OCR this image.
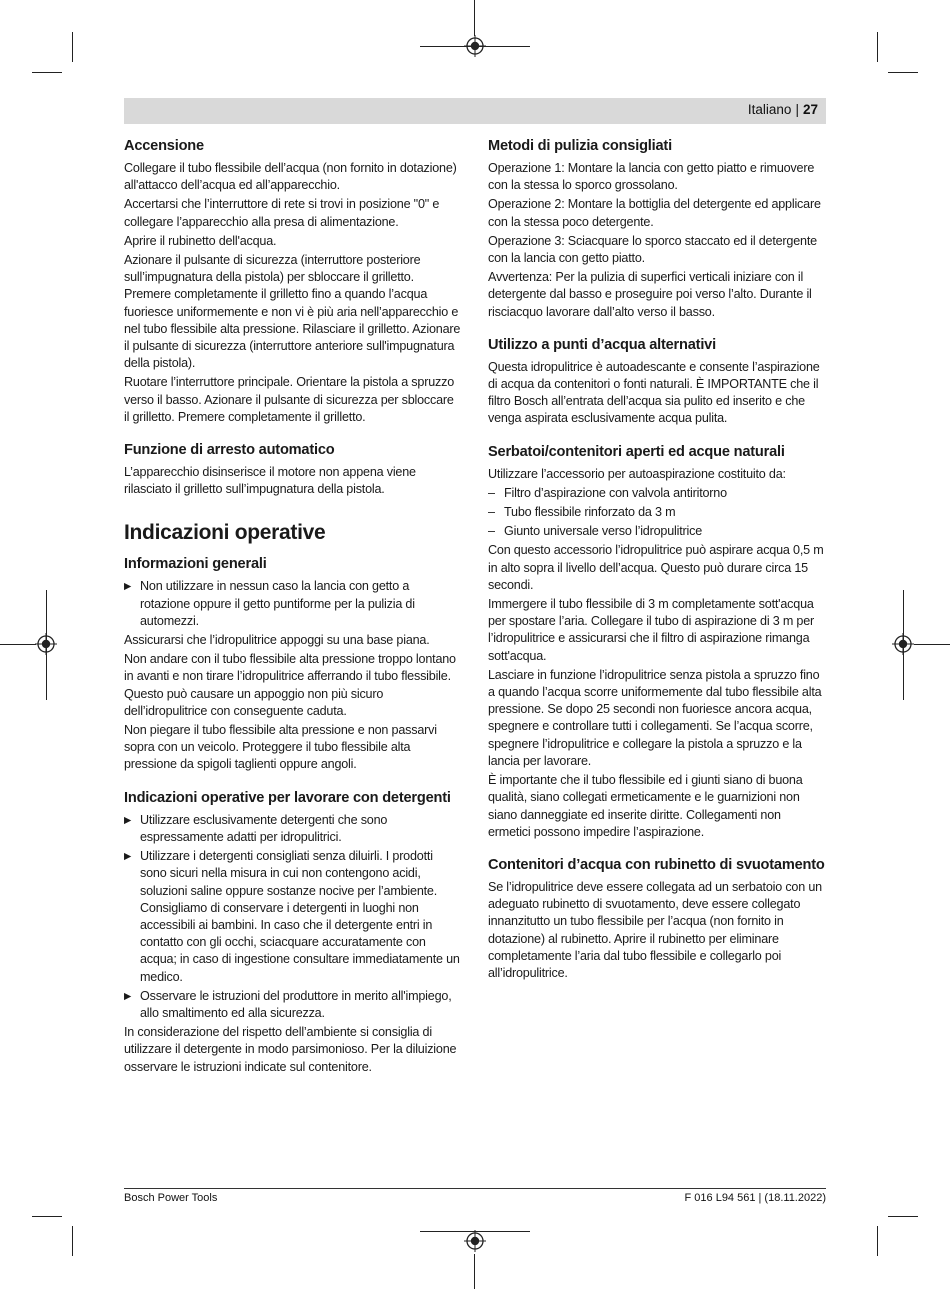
Italiano | 27
Accensione

Collegare il tubo flessibile dell’acqua (non fornito in dotazione) all'attacco dell’acqua ed all’apparecchio.

Accertarsi che l’interruttore di rete si trovi in posizione "0" e collegare l’apparecchio alla presa di alimentazione.

Aprire il rubinetto dell'acqua.

Azionare il pulsante di sicurezza (interruttore posteriore sull’impugnatura della pistola) per sbloccare il grilletto. Premere completamente il grilletto fino a quando l’acqua fuoriesce uniformemente e non vi è più aria nell’apparecchio e nel tubo flessibile alta pressione. Rilasciare il grilletto. Azionare il pulsante di sicurezza (interruttore anteriore sull'impugnatura della pistola).

Ruotare l’interruttore principale. Orientare la pistola a spruzzo verso il basso. Azionare il pulsante di sicurezza per sbloccare il grilletto. Premere completamente il grilletto.

Funzione di arresto automatico

L’apparecchio disinserisce il motore non appena viene rilasciato il grilletto sull’impugnatura della pistola.

Indicazioni operative
Informazioni generali
▶ Non utilizzare in nessun caso la lancia con getto a rotazione oppure il getto puntiforme per la pulizia di automezzi.

Assicurarsi che l’idropulitrice appoggi su una base piana.

Non andare con il tubo flessibile alta pressione troppo lontano in avanti e non tirare l’idropulitrice afferrando il tubo flessibile. Questo può causare un appoggio non più sicuro dell’idropulitrice con conseguente caduta.

Non piegare il tubo flessibile alta pressione e non passarvi sopra con un veicolo. Proteggere il tubo flessibile alta pressione da spigoli taglienti oppure angoli.

Indicazioni operative per lavorare con detergenti
▶ Utilizzare esclusivamente detergenti che sono espressamente adatti per idropulitrici.
▶ Utilizzare i detergenti consigliati senza diluirli. I prodotti sono sicuri nella misura in cui non contengono acidi, soluzioni saline oppure sostanze nocive per l’ambiente. Consigliamo di conservare i detergenti in luoghi non accessibili ai bambini. In caso che il detergente entri in contatto con gli occhi, sciacquare accuratamente con acqua; in caso di ingestione consultare immediatamente un medico.
▶ Osservare le istruzioni del produttore in merito all'impiego, allo smaltimento ed alla sicurezza.

In considerazione del rispetto dell’ambiente si consiglia di utilizzare il detergente in modo parsimonioso. Per la diluizione osservare le istruzioni indicate sul contenitore.

Metodi di pulizia consigliati

Operazione 1: Montare la lancia con getto piatto e rimuovere con la stessa lo sporco grossolano.

Operazione 2: Montare la bottiglia del detergente ed applicare con la stessa poco detergente.

Operazione 3: Sciacquare lo sporco staccato ed il detergente con la lancia con getto piatto.

Avvertenza: Per la pulizia di superfici verticali iniziare con il detergente dal basso e proseguire poi verso l’alto. Durante il risciacquo lavorare dall’alto verso il basso.

Utilizzo a punti d’acqua alternativi

Questa idropulitrice è autoadescante e consente l’aspirazione di acqua da contenitori o fonti naturali. È IMPORTANTE che il filtro Bosch all’entrata dell’acqua sia pulito ed inserito e che venga aspirata esclusivamente acqua pulita.

Serbatoi/contenitori aperti ed acque naturali

Utilizzare l’accessorio per autoaspirazione costituito da:

– Filtro d’aspirazione con valvola antiritorno
– Tubo flessibile rinforzato da 3 m
– Giunto universale verso l’idropulitrice

Con questo accessorio l’idropulitrice può aspirare acqua 0,5 m in alto sopra il livello dell’acqua. Questo può durare circa 15 secondi.

Immergere il tubo flessibile di 3 m completamente sott'acqua per spostare l’aria. Collegare il tubo di aspirazione di 3 m per l’idropulitrice e assicurarsi che il filtro di aspirazione rimanga sott'acqua.

Lasciare in funzione l’idropulitrice senza pistola a spruzzo fino a quando l’acqua scorre uniformemente dal tubo flessibile alta pressione. Se dopo 25 secondi non fuoriesce ancora acqua, spegnere e controllare tutti i collegamenti. Se l’acqua scorre, spegnere l’idropulitrice e collegare la pistola a spruzzo e la lancia per lavorare.

È importante che il tubo flessibile ed i giunti siano di buona qualità, siano collegati ermeticamente e le guarnizioni non siano danneggiate ed inserite diritte. Collegamenti non ermetici possono impedire l’aspirazione.

Contenitori d’acqua con rubinetto di svuotamento

Se l’idropulitrice deve essere collegata ad un serbatoio con un adeguato rubinetto di svuotamento, deve essere collegato innanzitutto un tubo flessibile per l’acqua (non fornito in dotazione) al rubinetto. Aprire il rubinetto per eliminare completamente l’aria dal tubo flessibile e collegarlo poi all’idropulitrice.

Bosch Power Tools	F 016 L94 561 | (18.11.2022)
